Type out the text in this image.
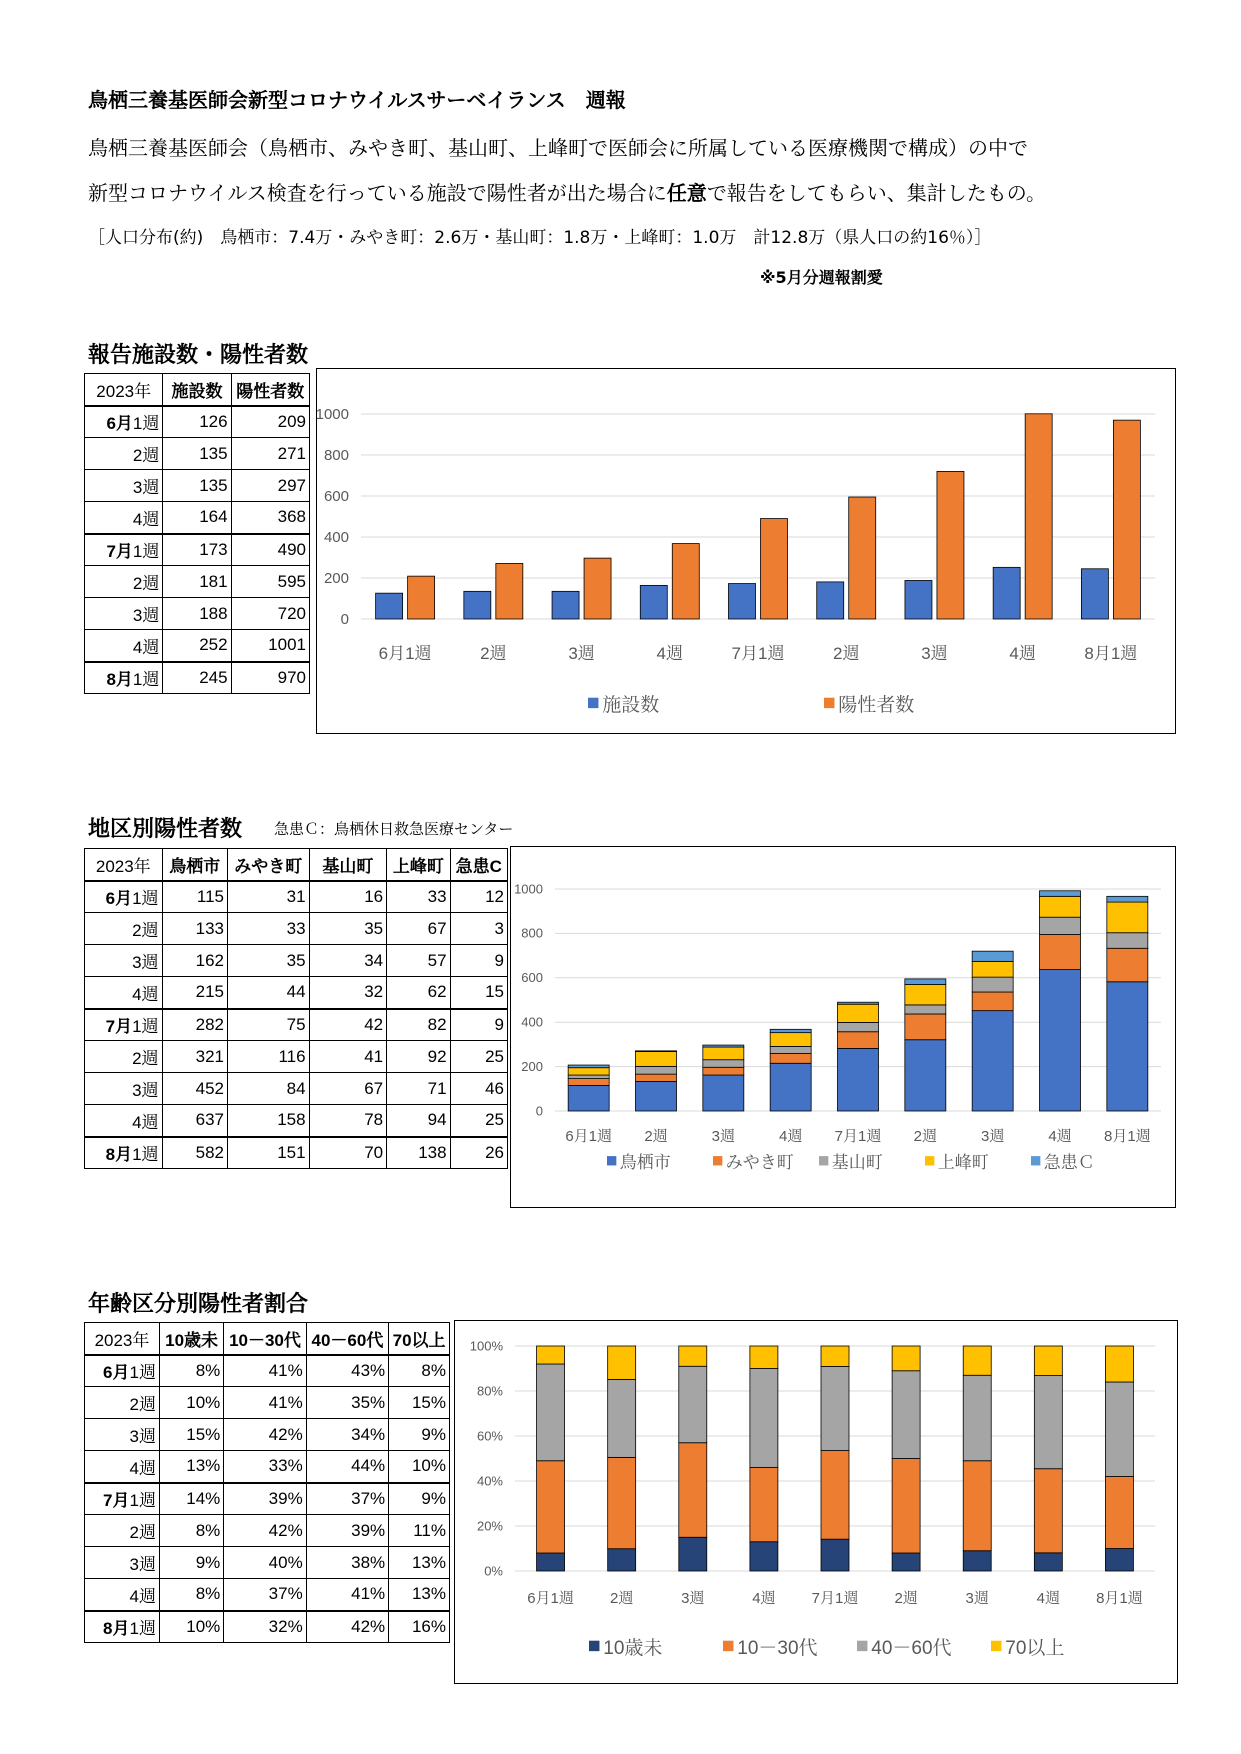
鳥栖三養基医師会新型コロナウイルスサーベイランス　週報
鳥栖三養基医師会（鳥栖市、みやき町、基山町、上峰町で医師会に所属している医療機関で構成）の中で
新型コロナウイルス検査を行っている施設で陽性者が出た場合に任意で報告をしてもらい、集計したもの。
［人口分布(約)　鳥栖市：7.4万・みやき町：2.6万・基山町：1.8万・上峰町：1.0万　計12.8万（県人口の約16％）］
※5月分週報割愛
報告施設数・陽性者数
2023年	施設数	陽性者数
6月1週	126	209
2週	135	271
3週	135	297
4週	164	368
7月1週	173	490
2週	181	595
3週	188	720
4週	252	1001
8月1週	245	970
0
200
400
600
800
1000
6月1週	2週	3週	4週	7月1週	2週	3週	4週	8月1週
施設数	陽性者数
地区別陽性者数 急患Ｃ：鳥栖休日救急医療センター
2023年	鳥栖市	みやき町	基山町	上峰町	急患C
6月1週	115	31	16	33	12
2週	133	33	35	67	3
3週	162	35	34	57	9
4週	215	44	32	62	15
7月1週	282	75	42	82	9
2週	321	116	41	92	25
3週	452	84	67	71	46
4週	637	158	78	94	25
8月1週	582	151	70	138	26
0
200
400
600
800
1000
6月1週 2週	3週	4週 7月1週 2週	3週	4週 8月1週
鳥栖市	みやき町 基山町	上峰町	急患Ｃ
年齢区分別陽性者割合
2023年	10歳未	10－30代	40－60代	70以上
6月1週	8%	41%	43%	8%
2週	10%	41%	35%	15%
3週	15%	42%	34%	9%
4週	13%	33%	44%	10%
7月1週	14%	39%	37%	9%
2週	8%	42%	39%	11%
3週	9%	40%	38%	13%
4週	8%	37%	41%	13%
8月1週	10%	32%	42%	16%
0%
20%
40%
60%
80%
100%
6月1週 2週	3週	4週 7月1週 2週	3週	4週 8月1週
10歳未	10－30代	40－60代	70以上
